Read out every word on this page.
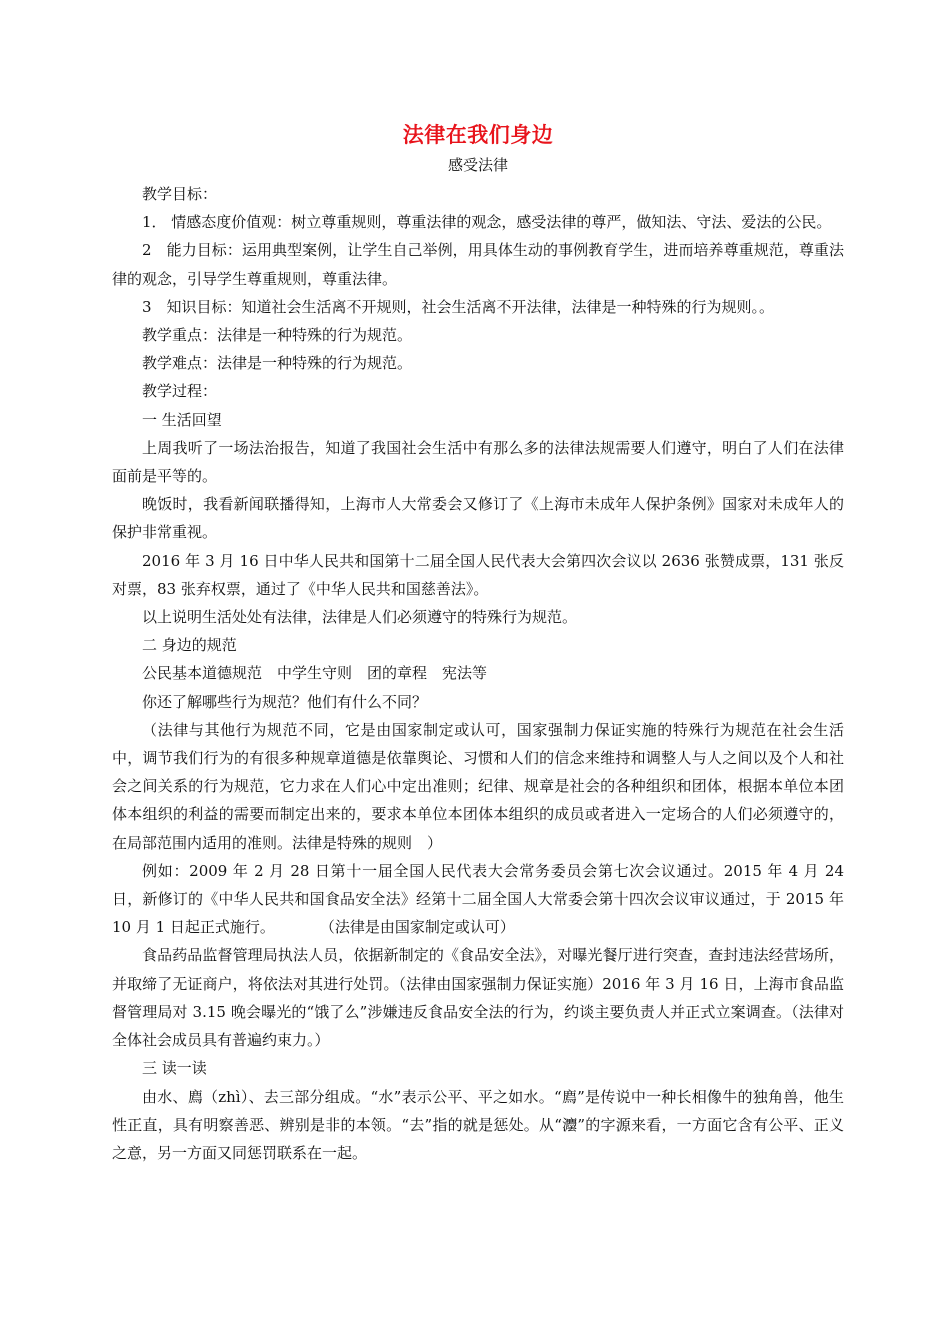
法律在我们身边
感受法律

教学目标：

1． 情感态度价值观：树立尊重规则，尊重法律的观念，感受法律的尊严，做知法、守法、爱法的公民。

2　能力目标：运用典型案例，让学生自己举例，用具体生动的事例教育学生，进而培养尊重规范，尊重法律的观念，引导学生尊重规则，尊重法律。

3　知识目标：知道社会生活离不开规则，社会生活离不开法律，法律是一种特殊的行为规则。。

教学重点：法律是一种特殊的行为规范。

教学难点：法律是一种特殊的行为规范。

教学过程：

一 生活回望

上周我听了一场法治报告，知道了我国社会生活中有那么多的法律法规需要人们遵守，明白了人们在法律面前是平等的。

晚饭时，我看新闻联播得知，上海市人大常委会又修订了《上海市未成年人保护条例》国家对未成年人的保护非常重视。

2016 年 3 月 16 日中华人民共和国第十二届全国人民代表大会第四次会议以 2636 张赞成票，131 张反对票，83 张弃权票，通过了《中华人民共和国慈善法》。

以上说明生活处处有法律，法律是人们必须遵守的特殊行为规范。

二 身边的规范

公民基本道德规范　中学生守则　团的章程　宪法等

你还了解哪些行为规范？他们有什么不同？

（法律与其他行为规范不同，它是由国家制定或认可，国家强制力保证实施的特殊行为规范在社会生活中，调节我们行为的有很多种规章道德是依靠舆论、习惯和人们的信念来维持和调整人与人之间以及个人和社会之间关系的行为规范，它力求在人们心中定出准则；纪律、规章是社会的各种组织和团体，根据本单位本团体本组织的利益的需要而制定出来的，要求本单位本团体本组织的成员或者进入一定场合的人们必须遵守的，在局部范围内适用的准则。法律是特殊的规则　）

例如：2009 年 2 月 28 日第十一届全国人民代表大会常务委员会第七次会议通过。2015 年 4 月 24 日，新修订的《中华人民共和国食品安全法》经第十二届全国人大常委会第十四次会议审议通过，于 2015 年 10 月 1 日起正式施行。　　　　（法律是由国家制定或认可）

食品药品监督管理局执法人员，依据新制定的《食品安全法》，对曝光餐厅进行突查，查封违法经营场所，并取缔了无证商户，将依法对其进行处罚。（法律由国家强制力保证实施）2016 年 3 月 16 日，上海市食品监督管理局对 3.15 晚会曝光的“饿了么”涉嫌违反食品安全法的行为，约谈主要负责人并正式立案调查。（法律对全体社会成员具有普遍约束力。）

三 读一读

由水、廌（zhì）、去三部分组成。“水”表示公平、平之如水。“廌”是传说中一种长相像牛的独角兽，他生性正直，具有明察善恶、辨别是非的本领。“去”指的就是惩处。从“灋”的字源来看，一方面它含有公平、正义之意，另一方面又同惩罚联系在一起。
